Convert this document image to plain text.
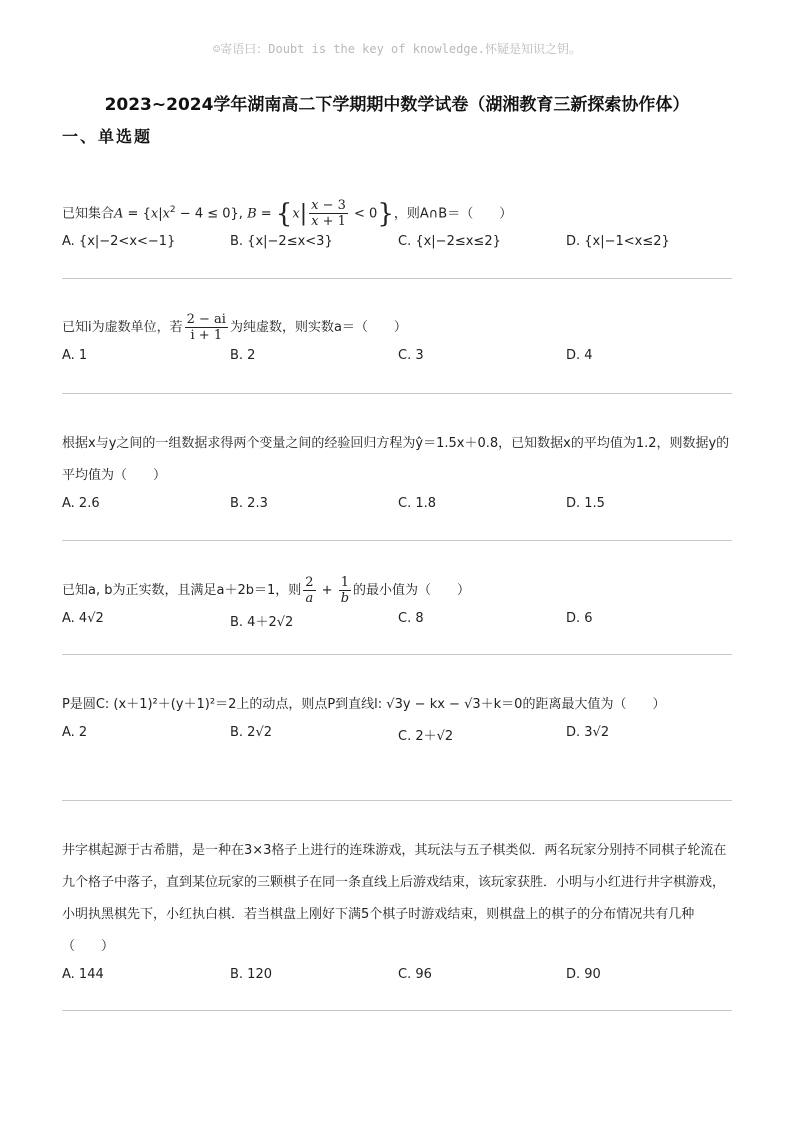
☺寄语曰：Doubt is the key of knowledge.怀疑是知识之钥。
2023~2024学年湖南高二下学期期中数学试卷（湖湘教育三新探索协作体）
一、单选题
已知集合$A = \{x|x^2 - 4 \le 0\}$, $B = \{x| \frac{x - 3}{x + 1} < 0\}$，则A∩B＝（　　）
A. {x|−2<x<−1}	B. {x|−2≤x<3}	C. {x|−2≤x≤2}	D. {x|−1<x≤2}
已知i为虚数单位，若 $\frac{2 - ai}{i + 1}$ 为纯虚数，则实数a＝（　　）
A. 1	B. 2	C. 3	D. 4
根据x与y之间的一组数据求得两个变量之间的经验回归方程为ŷ＝1.5x＋0.8，已知数据x的平均值为1.2，则数据y的平均值为（　　）
A. 2.6	B. 2.3	C. 1.8	D. 1.5
已知a, b为正实数，且满足a＋2b＝1，则 $\frac{2}{a} + \frac{1}{b}$ 的最小值为（　　）
A. 4√2	B. 4＋2√2	C. 8	D. 6
P是圆C: (x＋1)²＋(y＋1)²＝2上的动点，则点P到直线l: √3y − kx − √3＋k＝0的距离最大值为（　　）
A. 2	B. 2√2	C. 2＋√2	D. 3√2
井字棋起源于古希腊，是一种在3×3格子上进行的连珠游戏，其玩法与五子棋类似．两名玩家分别持不同棋子轮流在九个格子中落子，直到某位玩家的三颗棋子在同一条直线上后游戏结束，该玩家获胜．小明与小红进行井字棋游戏，小明执黑棋先下，小红执白棋．若当棋盘上刚好下满5个棋子时游戏结束，则棋盘上的棋子的分布情况共有几种（　　）
A. 144	B. 120	C. 96	D. 90
